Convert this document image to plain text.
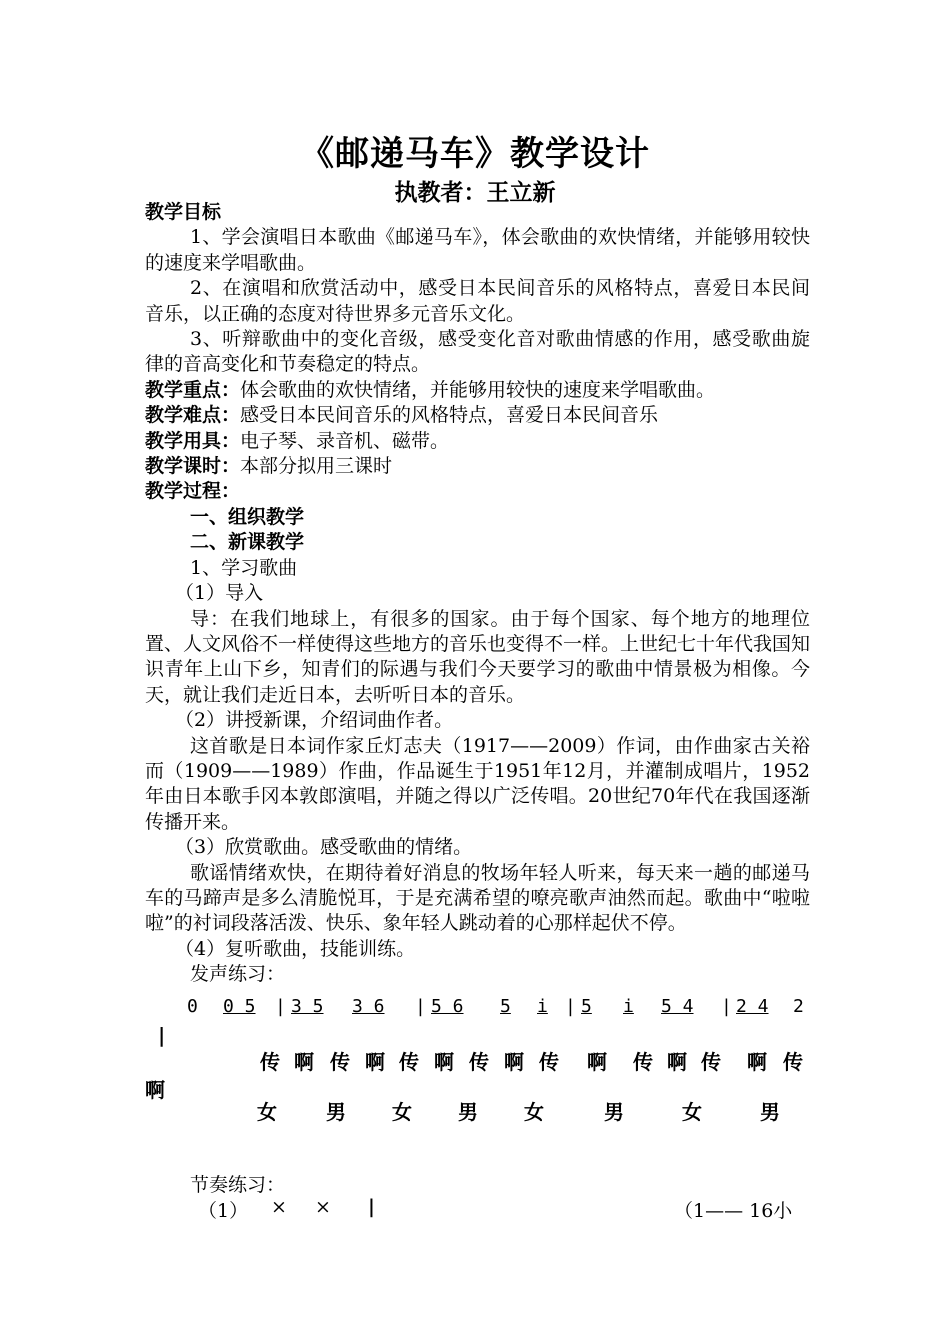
《邮递马车》教学设计
执教者：王立新

教学目标

1、学会演唱日本歌曲《邮递马车》，体会歌曲的欢快情绪，并能够用较快的速度来学唱歌曲。

2、在演唱和欣赏活动中，感受日本民间音乐的风格特点，喜爱日本民间音乐，以正确的态度对待世界多元音乐文化。

3、听辩歌曲中的变化音级，感受变化音对歌曲情感的作用，感受歌曲旋律的音高变化和节奏稳定的特点。

教学重点：体会歌曲的欢快情绪，并能够用较快的速度来学唱歌曲。

教学难点：感受日本民间音乐的风格特点，喜爱日本民间音乐

教学用具：电子琴、录音机、磁带。

教学课时：本部分拟用三课时

教学过程：

一、组织教学

二、新课教学

1、学习歌曲

（1）导入

导：在我们地球上，有很多的国家。由于每个国家、每个地方的地理位置、人文风俗不一样使得这些地方的音乐也变得不一样。上世纪七十年代我国知识青年上山下乡，知青们的际遇与我们今天要学习的歌曲中情景极为相像。今天，就让我们走近日本，去听听日本的音乐。

（2）讲授新课，介绍词曲作者。

这首歌是日本词作家丘灯志夫（1917——2009）作词，由作曲家古关裕而（1909——1989）作曲，作品诞生于1951年12月，并灌制成唱片，1952年由日本歌手冈本敦郎演唱，并随之得以广泛传唱。20世纪70年代在我国逐渐传播开来。

（3）欣赏歌曲。感受歌曲的情绪。

歌谣情绪欢快，在期待着好消息的牧场年轻人听来，每天来一趟的邮递马车的马蹄声是多么清脆悦耳，于是充满希望的嘹亮歌声油然而起。歌曲中“啦啦啦”的衬词段落活泼、快乐、象年轻人跳动着的心那样起伏不停。

（4）复听歌曲，技能训练。

发声练习：

0 0 5 | 3 5 3 6 | 5 6 5 i | 5 i 5 4 | 2 4 2
|
传 啊 传 啊 传 啊 传 啊 传 啊 传 啊 传 啊 传
啊
女 男 女 男 女	男	女	男
节奏练习：
（1） × × |	（1—— 16小
